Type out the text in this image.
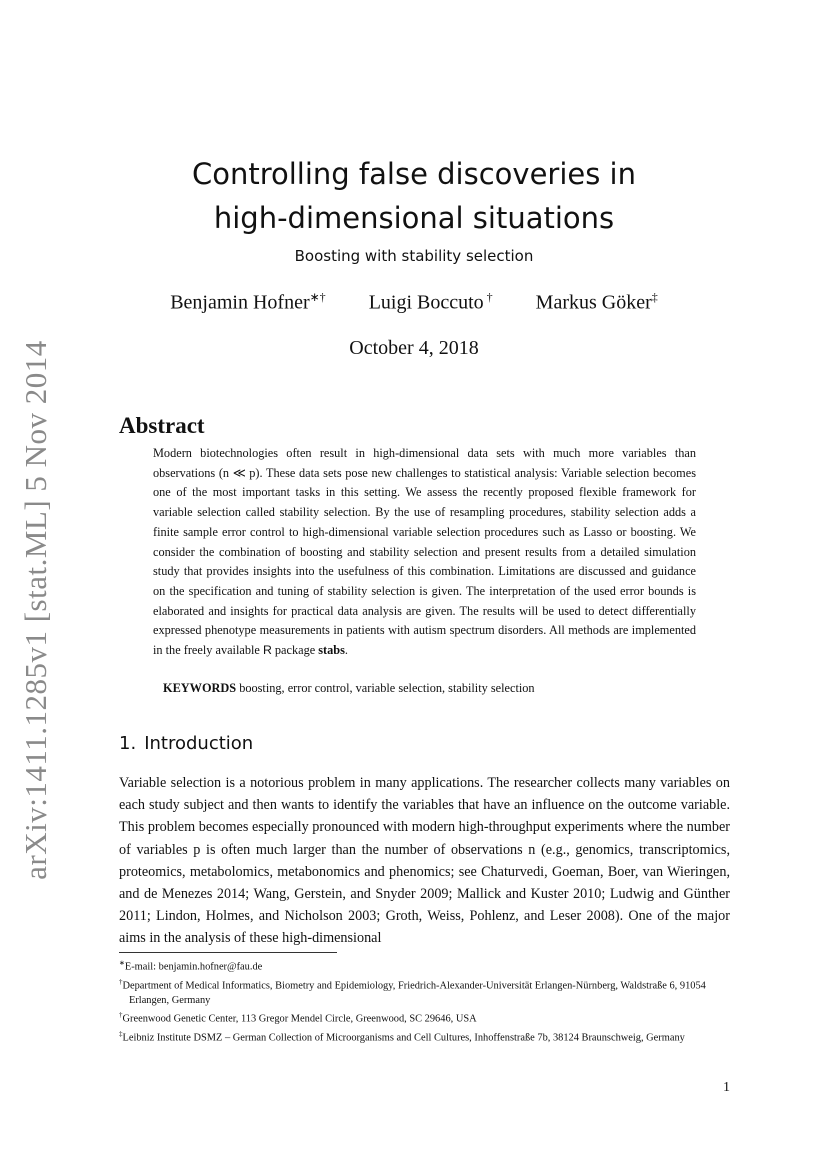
arXiv:1411.1285v1 [stat.ML] 5 Nov 2014
Controlling false discoveries in
high-dimensional situations

Boosting with stability selection

Benjamin Hofner∗† Luigi Boccuto † Markus Göker‡
October 4, 2018
Abstract

Modern biotechnologies often result in high-dimensional data sets with much more variables than observations (n ≪ p). These data sets pose new challenges to statistical analysis: Variable selection becomes one of the most important tasks in this setting. We assess the recently proposed flexible framework for variable selection called stability selection. By the use of resampling procedures, stability selection adds a finite sample error control to high-dimensional variable selection procedures such as Lasso or boosting. We consider the combination of boosting and stability selection and present results from a detailed simulation study that provides insights into the usefulness of this combination. Limitations are discussed and guidance on the specification and tuning of stability selection is given. The interpretation of the used error bounds is elaborated and insights for practical data analysis are given. The results will be used to detect differentially expressed phenotype measurements in patients with autism spectrum disorders. All methods are implemented in the freely available R package stabs.

KEYWORDS boosting, error control, variable selection, stability selection

1. Introduction

Variable selection is a notorious problem in many applications. The researcher collects many variables on each study subject and then wants to identify the variables that have an influence on the outcome variable. This problem becomes especially pronounced with modern high-throughput experiments where the number of variables p is often much larger than the number of observations n (e.g., genomics, transcriptomics, proteomics, metabolomics, metabonomics and phenomics; see Chaturvedi, Goeman, Boer, van Wieringen, and de Menezes 2014; Wang, Gerstein, and Snyder 2009; Mallick and Kuster 2010; Ludwig and Günther 2011; Lindon, Holmes, and Nicholson 2003; Groth, Weiss, Pohlenz, and Leser 2008). One of the major aims in the analysis of these high-dimensional

∗E-mail: benjamin.hofner@fau.de
†Department of Medical Informatics, Biometry and Epidemiology, Friedrich-Alexander-Universität Erlangen-Nürnberg, Waldstraße 6, 91054 Erlangen, Germany
†Greenwood Genetic Center, 113 Gregor Mendel Circle, Greenwood, SC 29646, USA
‡Leibniz Institute DSMZ – German Collection of Microorganisms and Cell Cultures, Inhoffenstraße 7b, 38124 Braunschweig, Germany
1
